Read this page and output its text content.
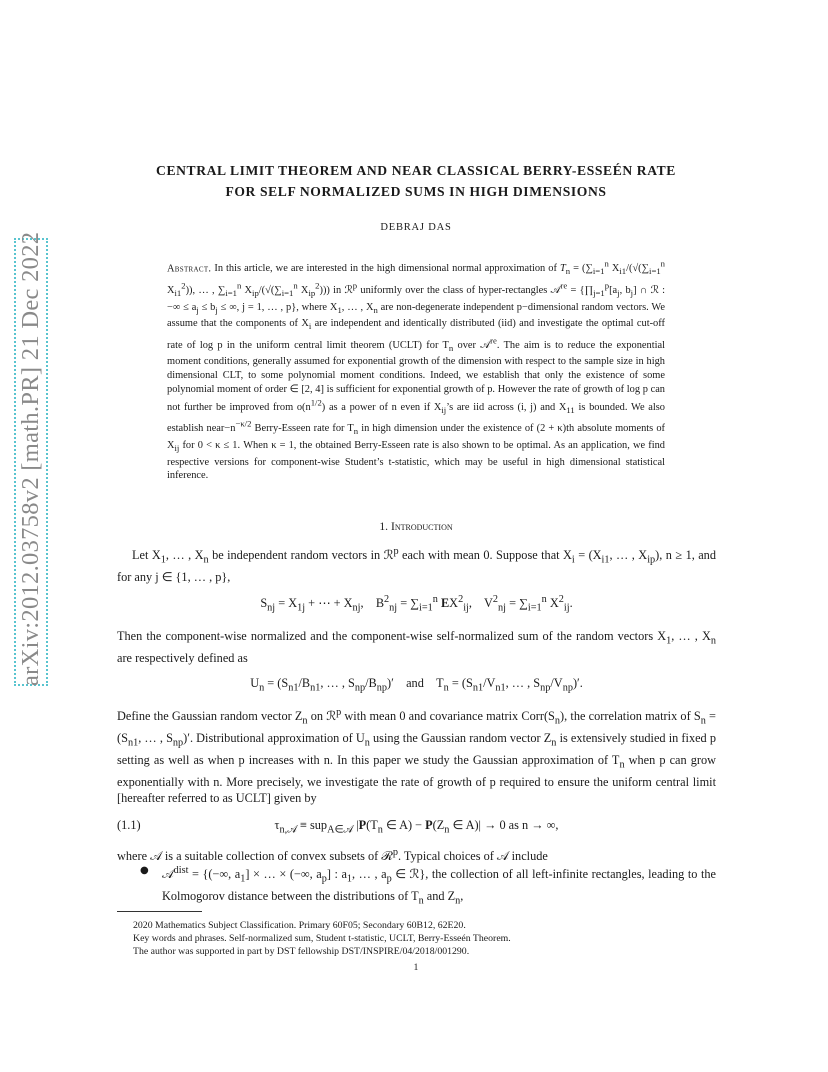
arXiv:2012.03758v2 [math.PR] 21 Dec 2022
CENTRAL LIMIT THEOREM AND NEAR CLASSICAL BERRY-ESSEÉN RATE
FOR SELF NORMALIZED SUMS IN HIGH DIMENSIONS
DEBRAJ DAS
Abstract. In this article, we are interested in the high dimensional normal approximation of $T_n = (\sum_{i=1}^n$ $X_{i1}/(√(\sum_{i=1}^n$ $X_{i1}^2$)), … , $\sum_{i=1}^n$ $X_{ip}/(√(\sum_{i=1}^n$ $X_{ip}^2$))) in ℛ$^p$ uniformly over the class of hyper-rectangles 𝒜$^{re}$ = {$\prod_{j=1}^p[a_j$, $b_j$] ∩ ℛ : −∞ ≤ $a_j \le b_j$ ≤ ∞, j = 1, … , p}, where $X_1$, … , $X_n$ are non-degenerate independent p−dimensional random vectors. We assume that the components of $X_i$ are independent and identically distributed (iid) and investigate the optimal cut-off rate of log p in the uniform central limit theorem (UCLT) for $T_n$ over 𝒜$^{re}$. The aim is to reduce the exponential moment conditions, generally assumed for exponential growth of the dimension with respect to the sample size in high dimensional CLT, to some polynomial moment conditions. Indeed, we establish that only the existence of some polynomial moment of order ∈ [2, 4] is sufficient for exponential growth of p. However the rate of growth of log p can not further be improved from $o(n^{1/2})$ as a power of n even if $X_{ij}’s$ are iid across (i, j) and $X_{11}$ is bounded. We also establish $near-n^{-\kappa/2}$ Berry-Esseen rate for $T_n$ in high dimension under the existence of (2 + κ)th absolute moments of $X_{ij}$ for 0 < κ ≤ 1. When κ = 1, the obtained Berry-Esseen rate is also shown to be optimal. As an application, we find respective versions for component-wise Student’s t-statistic, which may be useful in high dimensional statistical inference.
1. Introduction
Let $X_1$, … , $X_n$ be independent random vectors in ℛ$^p$ each with mean 0. Suppose that $X_i = (X_{i1}$, … , $X_{ip}$), n ≥ 1, and for any j ∈ {1, … , p},
$S_{nj} = X_{1j}$ + ⋯ + $X_{nj}$,    $B^2_{nj} = \sum_{i=1}^n$ $EX^2_{ij}$,    $V^2_{nj} = \sum_{i=1}^n$ $X^2_{ij}$.
Then the component-wise normalized and the component-wise self-normalized sum of the random vectors $X_1$, … , $X_n$ are respectively defined as
$U_n = (S_{n1}/B_{n1}$, … , $S_{np}/B_{np})'$    and    $T_n = (S_{n1}/V_{n1}$, … , $S_{np}/V_{np})'$.
Define the Gaussian random vector $Z_n$ on ℛ$^p$ with mean 0 and covariance matrix $Corr(S_n)$, the correlation matrix of $S_n = (S_{n1}$, … , $S_{np})'$. Distributional approximation of $U_n$ using the Gaussian random vector $Z_n$ is extensively studied in fixed p setting as well as when p increases with n. In this paper we study the Gaussian approximation of $T_n$ when p can grow exponentially with n. More precisely, we investigate the rate of growth of p required to ensure the uniform central limit [hereafter referred to as UCLT] given by
(1.1)	$\tau_{n,𝒜} \equiv sup_{A\in 𝒜}$ $|P(T_n$ ∈ $A) - P(Z_n$ ∈ A)| → 0 as n → ∞,
where 𝒜 is a suitable collection of convex subsets of ℛ$^p$. Typical choices of 𝒜 include
● 𝒜$^{dist}$ = {(−∞, $a_1$] × … × (−∞, $a_p$] : $a_1$, … , $a_p$ ∈ ℛ}, the collection of all left-infinite rectangles, leading to the Kolmogorov distance between the distributions of $T_n$ and $Z_n$,
2020 Mathematics Subject Classification. Primary 60F05; Secondary 60B12, 62E20.
Key words and phrases. Self-normalized sum, Student t-statistic, UCLT, Berry-Esseén Theorem.
The author was supported in part by DST fellowship DST/INSPIRE/04/2018/001290.
1
